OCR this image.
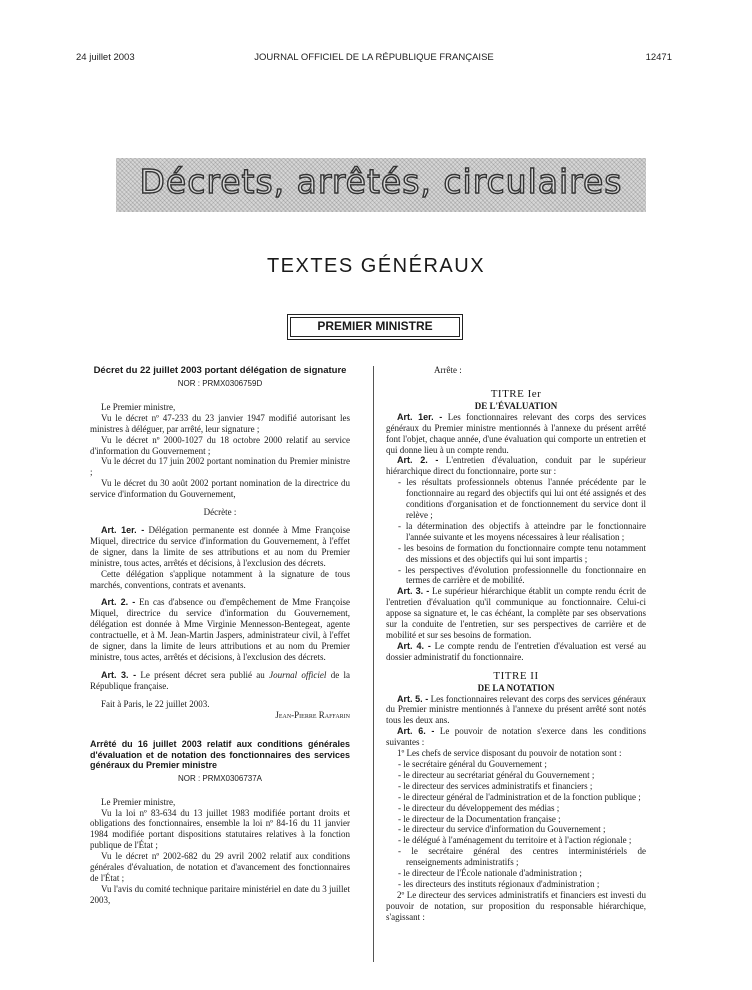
24 juillet 2003	JOURNAL OFFICIEL DE LA RÉPUBLIQUE FRANÇAISE	12471
Décrets, arrêtés, circulaires
TEXTES GÉNÉRAUX
PREMIER MINISTRE

Décret du 22 juillet 2003 portant délégation de signature

NOR : PRMX0306759D

Le Premier ministre,

Vu le décret nº 47-233 du 23 janvier 1947 modifié autorisant les ministres à déléguer, par arrêté, leur signature ;

Vu le décret nº 2000-1027 du 18 octobre 2000 relatif au service d'information du Gouvernement ;

Vu le décret du 17 juin 2002 portant nomination du Premier ministre ;

Vu le décret du 30 août 2002 portant nomination de la directrice du service d'information du Gouvernement,

Décrète :

Art. 1er. - Délégation permanente est donnée à Mme Françoise Miquel, directrice du service d'information du Gouvernement, à l'effet de signer, dans la limite de ses attributions et au nom du Premier ministre, tous actes, arrêtés et décisions, à l'exclusion des décrets.

Cette délégation s'applique notamment à la signature de tous marchés, conventions, contrats et avenants.

Art. 2. - En cas d'absence ou d'empêchement de Mme Françoise Miquel, directrice du service d'information du Gouvernement, délégation est donnée à Mme Virginie Mennesson-Bentegeat, agente contractuelle, et à M. Jean-Martin Jaspers, administrateur civil, à l'effet de signer, dans la limite de leurs attributions et au nom du Premier ministre, tous actes, arrêtés et décisions, à l'exclusion des décrets.

Art. 3. - Le présent décret sera publié au Journal officiel de la République française.

Fait à Paris, le 22 juillet 2003.

Jean-Pierre Raffarin

Arrêté du 16 juillet 2003 relatif aux conditions générales d'évaluation et de notation des fonctionnaires des services généraux du Premier ministre

NOR : PRMX0306737A

Le Premier ministre,

Vu la loi nº 83-634 du 13 juillet 1983 modifiée portant droits et obligations des fonctionnaires, ensemble la loi nº 84-16 du 11 janvier 1984 modifiée portant dispositions statutaires relatives à la fonction publique de l'État ;

Vu le décret nº 2002-682 du 29 avril 2002 relatif aux conditions générales d'évaluation, de notation et d'avancement des fonctionnaires de l'État ;

Vu l'avis du comité technique paritaire ministériel en date du 3 juillet 2003,

Arrête :

TITRE Ier

DE L'ÉVALUATION

Art. 1er. - Les fonctionnaires relevant des corps des services généraux du Premier ministre mentionnés à l'annexe du présent arrêté font l'objet, chaque année, d'une évaluation qui comporte un entretien et qui donne lieu à un compte rendu.

Art. 2. - L'entretien d'évaluation, conduit par le supérieur hiérarchique direct du fonctionnaire, porte sur :

- les résultats professionnels obtenus l'année précédente par le fonctionnaire au regard des objectifs qui lui ont été assignés et des conditions d'organisation et de fonctionnement du service dont il relève ;

- la détermination des objectifs à atteindre par le fonctionnaire l'année suivante et les moyens nécessaires à leur réalisation ;

- les besoins de formation du fonctionnaire compte tenu notamment des missions et des objectifs qui lui sont impartis ;

- les perspectives d'évolution professionnelle du fonctionnaire en termes de carrière et de mobilité.

Art. 3. - Le supérieur hiérarchique établit un compte rendu écrit de l'entretien d'évaluation qu'il communique au fonctionnaire. Celui-ci appose sa signature et, le cas échéant, la complète par ses observations sur la conduite de l'entretien, sur ses perspectives de carrière et de mobilité et sur ses besoins de formation.

Art. 4. - Le compte rendu de l'entretien d'évaluation est versé au dossier administratif du fonctionnaire.

TITRE II

DE LA NOTATION

Art. 5. - Les fonctionnaires relevant des corps des services généraux du Premier ministre mentionnés à l'annexe du présent arrêté sont notés tous les deux ans.

Art. 6. - Le pouvoir de notation s'exerce dans les conditions suivantes :

1º Les chefs de service disposant du pouvoir de notation sont :

- le secrétaire général du Gouvernement ;

- le directeur au secrétariat général du Gouvernement ;

- le directeur des services administratifs et financiers ;

- le directeur général de l'administration et de la fonction publique ;

- le directeur du développement des médias ;

- le directeur de la Documentation française ;

- le directeur du service d'information du Gouvernement ;

- le délégué à l'aménagement du territoire et à l'action régionale ;

- le secrétaire général des centres interministériels de renseignements administratifs ;

- le directeur de l'École nationale d'administration ;

- les directeurs des instituts régionaux d'administration ;

2º Le directeur des services administratifs et financiers est investi du pouvoir de notation, sur proposition du responsable hiérarchique, s'agissant :
